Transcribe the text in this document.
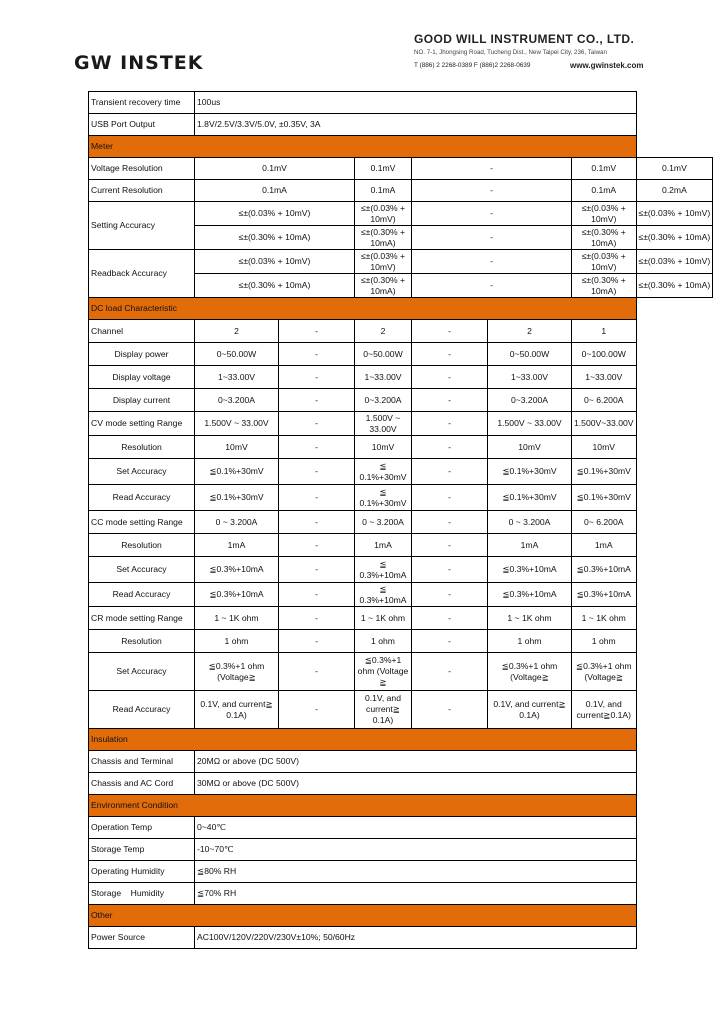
GW INSTEK
GOOD WILL INSTRUMENT CO., LTD.
NO. 7-1, Jhongsing Road, Tucheng Dist., New Taipei City, 236, Taiwan
T (886) 2 2268-0389 F (886)2 2268-0639	www.gwinstek.com
Transient recovery time	100us						
USB Port Output	1.8V/2.5V/3.3V/5.0V, ±0.35V, 3A						
Meter							
Voltage Resolution	0.1mV		0.1mV	-		0.1mV	0.1mV
Current Resolution	0.1mA		0.1mA	-		0.1mA	0.2mA
Setting Accuracy	≤±(0.03% + 10mV)		≤±(0.03% + 10mV)	-		≤±(0.03% + 10mV)	≤±(0.03% + 10mV)
	≤±(0.30% + 10mA)		≤±(0.30% + 10mA)	-		≤±(0.30% + 10mA)	≤±(0.30% + 10mA)
Readback Accuracy	≤±(0.03% + 10mV)		≤±(0.03% + 10mV)	-		≤±(0.03% + 10mV)	≤±(0.03% + 10mV)
	≤±(0.30% + 10mA)		≤±(0.30% + 10mA)	-		≤±(0.30% + 10mA)	≤±(0.30% + 10mA)
DC load Characteristic							
Channel	2	-	2	-	2	1	
Display power	0~50.00W	-	0~50.00W	-	0~50.00W	0~100.00W	
Display voltage	1~33.00V	-	1~33.00V	-	1~33.00V	1~33.00V	
Display current	0~3.200A	-	0~3.200A	-	0~3.200A	0~ 6.200A	
CV mode setting Range	1.500V ~ 33.00V	-	1.500V ~ 33.00V	-	1.500V ~ 33.00V	1.500V~33.00V	
Resolution	10mV	-	10mV	-	10mV	10mV	
Set Accuracy	≦0.1%+30mV	-	≦ 0.1%+30mV	-	≦0.1%+30mV	≦0.1%+30mV	
Read Accuracy	≦0.1%+30mV	-	≦ 0.1%+30mV	-	≦0.1%+30mV	≦0.1%+30mV	
CC mode setting Range	0 ~ 3.200A	-	0 ~ 3.200A	-	0 ~ 3.200A	0~ 6.200A	
Resolution	1mA	-	1mA	-	1mA	1mA	
Set Accuracy	≦0.3%+10mA	-	≦ 0.3%+10mA	-	≦0.3%+10mA	≦0.3%+10mA	
Read Accuracy	≦0.3%+10mA	-	≦ 0.3%+10mA	-	≦0.3%+10mA	≦0.3%+10mA	
CR mode setting Range	1 ~ 1K ohm	-	1 ~ 1K ohm	-	1 ~ 1K ohm	1 ~ 1K ohm	
Resolution	1 ohm	-	1 ohm	-	1 ohm	1 ohm	
Set Accuracy	≦0.3%+1 ohm (Voltage≧	-	≦0.3%+1 ohm (Voltage ≧	-	≦0.3%+1 ohm (Voltage≧	≦0.3%+1 ohm (Voltage≧	
Read Accuracy	0.1V, and current≧ 0.1A)	-	0.1V, and current≧ 0.1A)	-	0.1V, and current≧ 0.1A)	0.1V, and current≧0.1A)	
Insulation							
Chassis and Terminal	20MΩ or above (DC 500V)						
Chassis and AC Cord	30MΩ or above (DC 500V)						
Environment Condition							
Operation Temp	0~40℃						
Storage Temp	-10~70℃						
Operating Humidity	≦80% RH						
Storage    Humidity	≦70% RH						
Other							
Power Source	AC100V/120V/220V/230V±10%; 50/60Hz						
